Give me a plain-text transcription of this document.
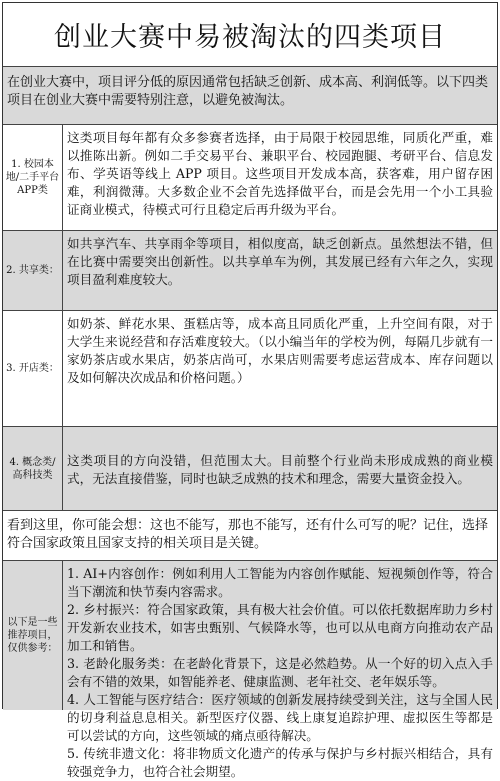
创业大赛中易被淘汰的四类项目
在创业大赛中，项目评分低的原因通常包括缺乏创新、成本高、利润低等。以下四类项目在创业大赛中需要特别注意，以避免被淘汰。
1. 校园本地/二手平台 APP类
这类项目每年都有众多参赛者选择，由于局限于校园思维，同质化严重，难以推陈出新。例如二手交易平台、兼职平台、校园跑腿、考研平台、信息发布、学英语等线上 APP 项目。这些项目开发成本高，获客难，用户留存困难，利润微薄。大多数企业不会首先选择做平台，而是会先用一个小工具验证商业模式，待模式可行且稳定后再升级为平台。
2. 共享类：
如共享汽车、共享雨伞等项目，相似度高，缺乏创新点。虽然想法不错，但在比赛中需要突出创新性。以共享单车为例，其发展已经有六年之久，实现项目盈利难度较大。
3. 开店类：
如奶茶、鲜花水果、蛋糕店等，成本高且同质化严重，上升空间有限，对于大学生来说经营和存活难度较大。（以小编当年的学校为例，每隔几步就有一家奶茶店或水果店，奶茶店尚可，水果店则需要考虑运营成本、库存问题以及如何解决次成品和价格问题。）
4. 概念类/高科技类
这类项目的方向没错，但范围太大。目前整个行业尚未形成成熟的商业模式，无法直接借鉴，同时也缺乏成熟的技术和理念，需要大量资金投入。
看到这里，你可能会想：这也不能写，那也不能写，还有什么可写的呢？记住，选择符合国家政策且国家支持的相关项目是关键。
以下是一些推荐项目，仅供参考：

1. AI+内容创作：例如利用人工智能为内容创作赋能、短视频创作等，符合当下潮流和快节奏内容需求。

2. 乡村振兴：符合国家政策，具有极大社会价值。可以依托数据库助力乡村开发新农业技术，如害虫甄别、气候降水等，也可以从电商方向推动农产品加工和销售。

3. 老龄化服务类：在老龄化背景下，这是必然趋势。从一个好的切入点入手会有不错的效果，如智能养老、健康监测、老年社交、老年娱乐等。

4. 人工智能与医疗结合：医疗领域的创新发展持续受到关注，这与全国人民的切身利益息息相关。新型医疗仪器、线上康复追踪护理、虚拟医生等都是可以尝试的方向，这些领域的痛点亟待解决。

5. 传统非遗文化：将非物质文化遗产的传承与保护与乡村振兴相结合，具有较强竞争力，也符合社会期望。
